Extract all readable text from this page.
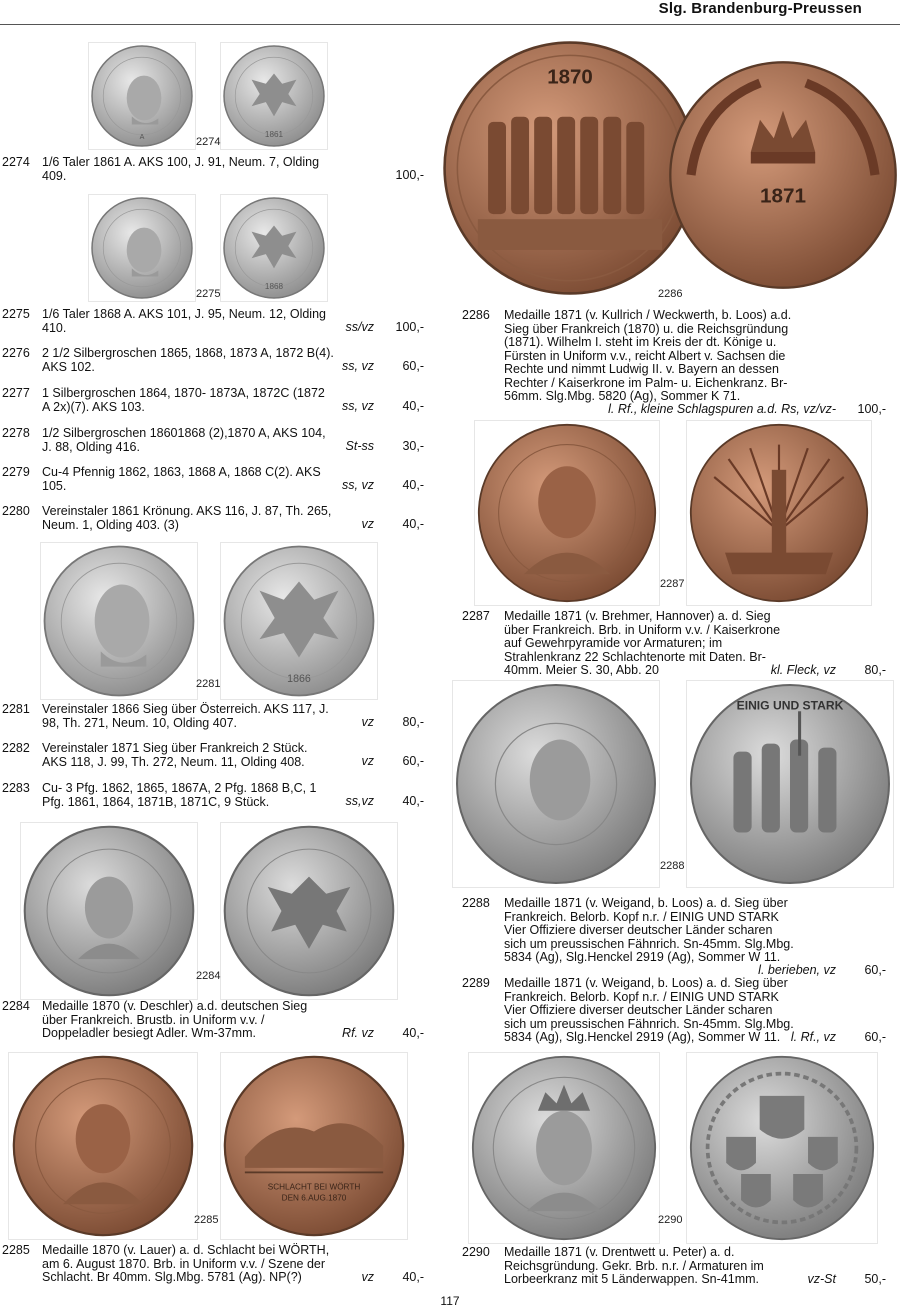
Slg. Brandenburg-Preussen
A	1861
2274
1868
2275
1866
2281
2284
SCHLACHT BEI WÖRTH
DEN 6.AUG.1870
2285
1870
1871
2286
2287
EINIG UND STARK
2288
2290
2274 1/6 Taler 1861 A. AKS 100, J. 91, Neum. 7, Olding
409.	100,-
2275 1/6 Taler 1868 A. AKS 101, J. 95, Neum. 12, Olding
410.	ss/vz	100,-
2276 2 1/2 Silbergroschen 1865, 1868, 1873 A, 1872 B(4).
AKS 102.	ss, vz	60,-
2277 1 Silbergroschen 1864, 1870- 1873A, 1872C (1872
A 2x)(7). AKS 103.	ss, vz	40,-
2278 1/2 Silbergroschen 18601868 (2),1870 A, AKS 104,
J. 88, Olding 416.	St-ss	30,-
2279 Cu-4 Pfennig 1862, 1863, 1868 A, 1868 C(2). AKS
105.	ss, vz	40,-
2280 Vereinstaler 1861 Krönung. AKS 116, J. 87, Th. 265,
Neum. 1, Olding 403. (3)	vz	40,-
2281 Vereinstaler 1866 Sieg über Österreich. AKS 117, J.
98, Th. 271, Neum. 10, Olding 407.	vz	80,-
2282 Vereinstaler 1871 Sieg über Frankreich 2 Stück.
AKS 118, J. 99, Th. 272, Neum. 11, Olding 408.	vz	60,-
2283 Cu- 3 Pfg. 1862, 1865, 1867A, 2 Pfg. 1868 B,C, 1
Pfg. 1861, 1864, 1871B, 1871C, 9 Stück.	ss,vz	40,-
2284 Medaille 1870 (v. Deschler) a.d. deutschen Sieg
über Frankreich. Brustb. in Uniform v.v. /
Doppeladler besiegt Adler. Wm-37mm.	Rf. vz	40,-
2285 Medaille 1870 (v. Lauer) a. d. Schlacht bei WÖRTH,
am 6. August 1870. Brb. in Uniform v.v. / Szene der
Schlacht. Br 40mm. Slg.Mbg. 5781 (Ag). NP(?)	vz	40,-
2286	Medaille 1871 (v. Kullrich / Weckwerth, b. Loos) a.d.
Sieg über Frankreich (1870) u. die Reichsgründung
(1871). Wilhelm I. steht im Kreis der dt. Könige u.
Fürsten in Uniform v.v., reicht Albert v. Sachsen die
Rechte und nimmt Ludwig II. v. Bayern an dessen
Rechter / Kaiserkrone im Palm- u. Eichenkranz. Br-
56mm. Slg.Mbg. 5820 (Ag), Sommer K 71.
l. Rf., kleine Schlagspuren a.d. Rs, vz/vz-	100,-
2287	Medaille 1871 (v. Brehmer, Hannover) a. d. Sieg
über Frankreich. Brb. in Uniform v.v. / Kaiserkrone
auf Gewehrpyramide vor Armaturen; im
Strahlenkranz 22 Schlachtenorte mit Daten. Br-
40mm. Meier S. 30, Abb. 20	kl. Fleck, vz	80,-
2288	Medaille 1871 (v. Weigand, b. Loos) a. d. Sieg über
Frankreich. Belorb. Kopf n.r. / EINIG UND STARK
Vier Offiziere diverser deutscher Länder scharen
sich um preussischen Fähnrich. Sn-45mm. Slg.Mbg.
5834 (Ag), Slg.Henckel 2919 (Ag), Sommer W 11.
l. berieben, vz	60,-
2289	Medaille 1871 (v. Weigand, b. Loos) a. d. Sieg über
Frankreich. Belorb. Kopf n.r. / EINIG UND STARK
Vier Offiziere diverser deutscher Länder scharen
sich um preussischen Fähnrich. Sn-45mm. Slg.Mbg.
5834 (Ag), Slg.Henckel 2919 (Ag), Sommer W 11. l. Rf., vz	60,-
2290	Medaille 1871 (v. Drentwett u. Peter) a. d.
Reichsgründung. Gekr. Brb. n.r. / Armaturen im
Lorbeerkranz mit 5 Länderwappen. Sn-41mm.	vz-St	50,-
117
